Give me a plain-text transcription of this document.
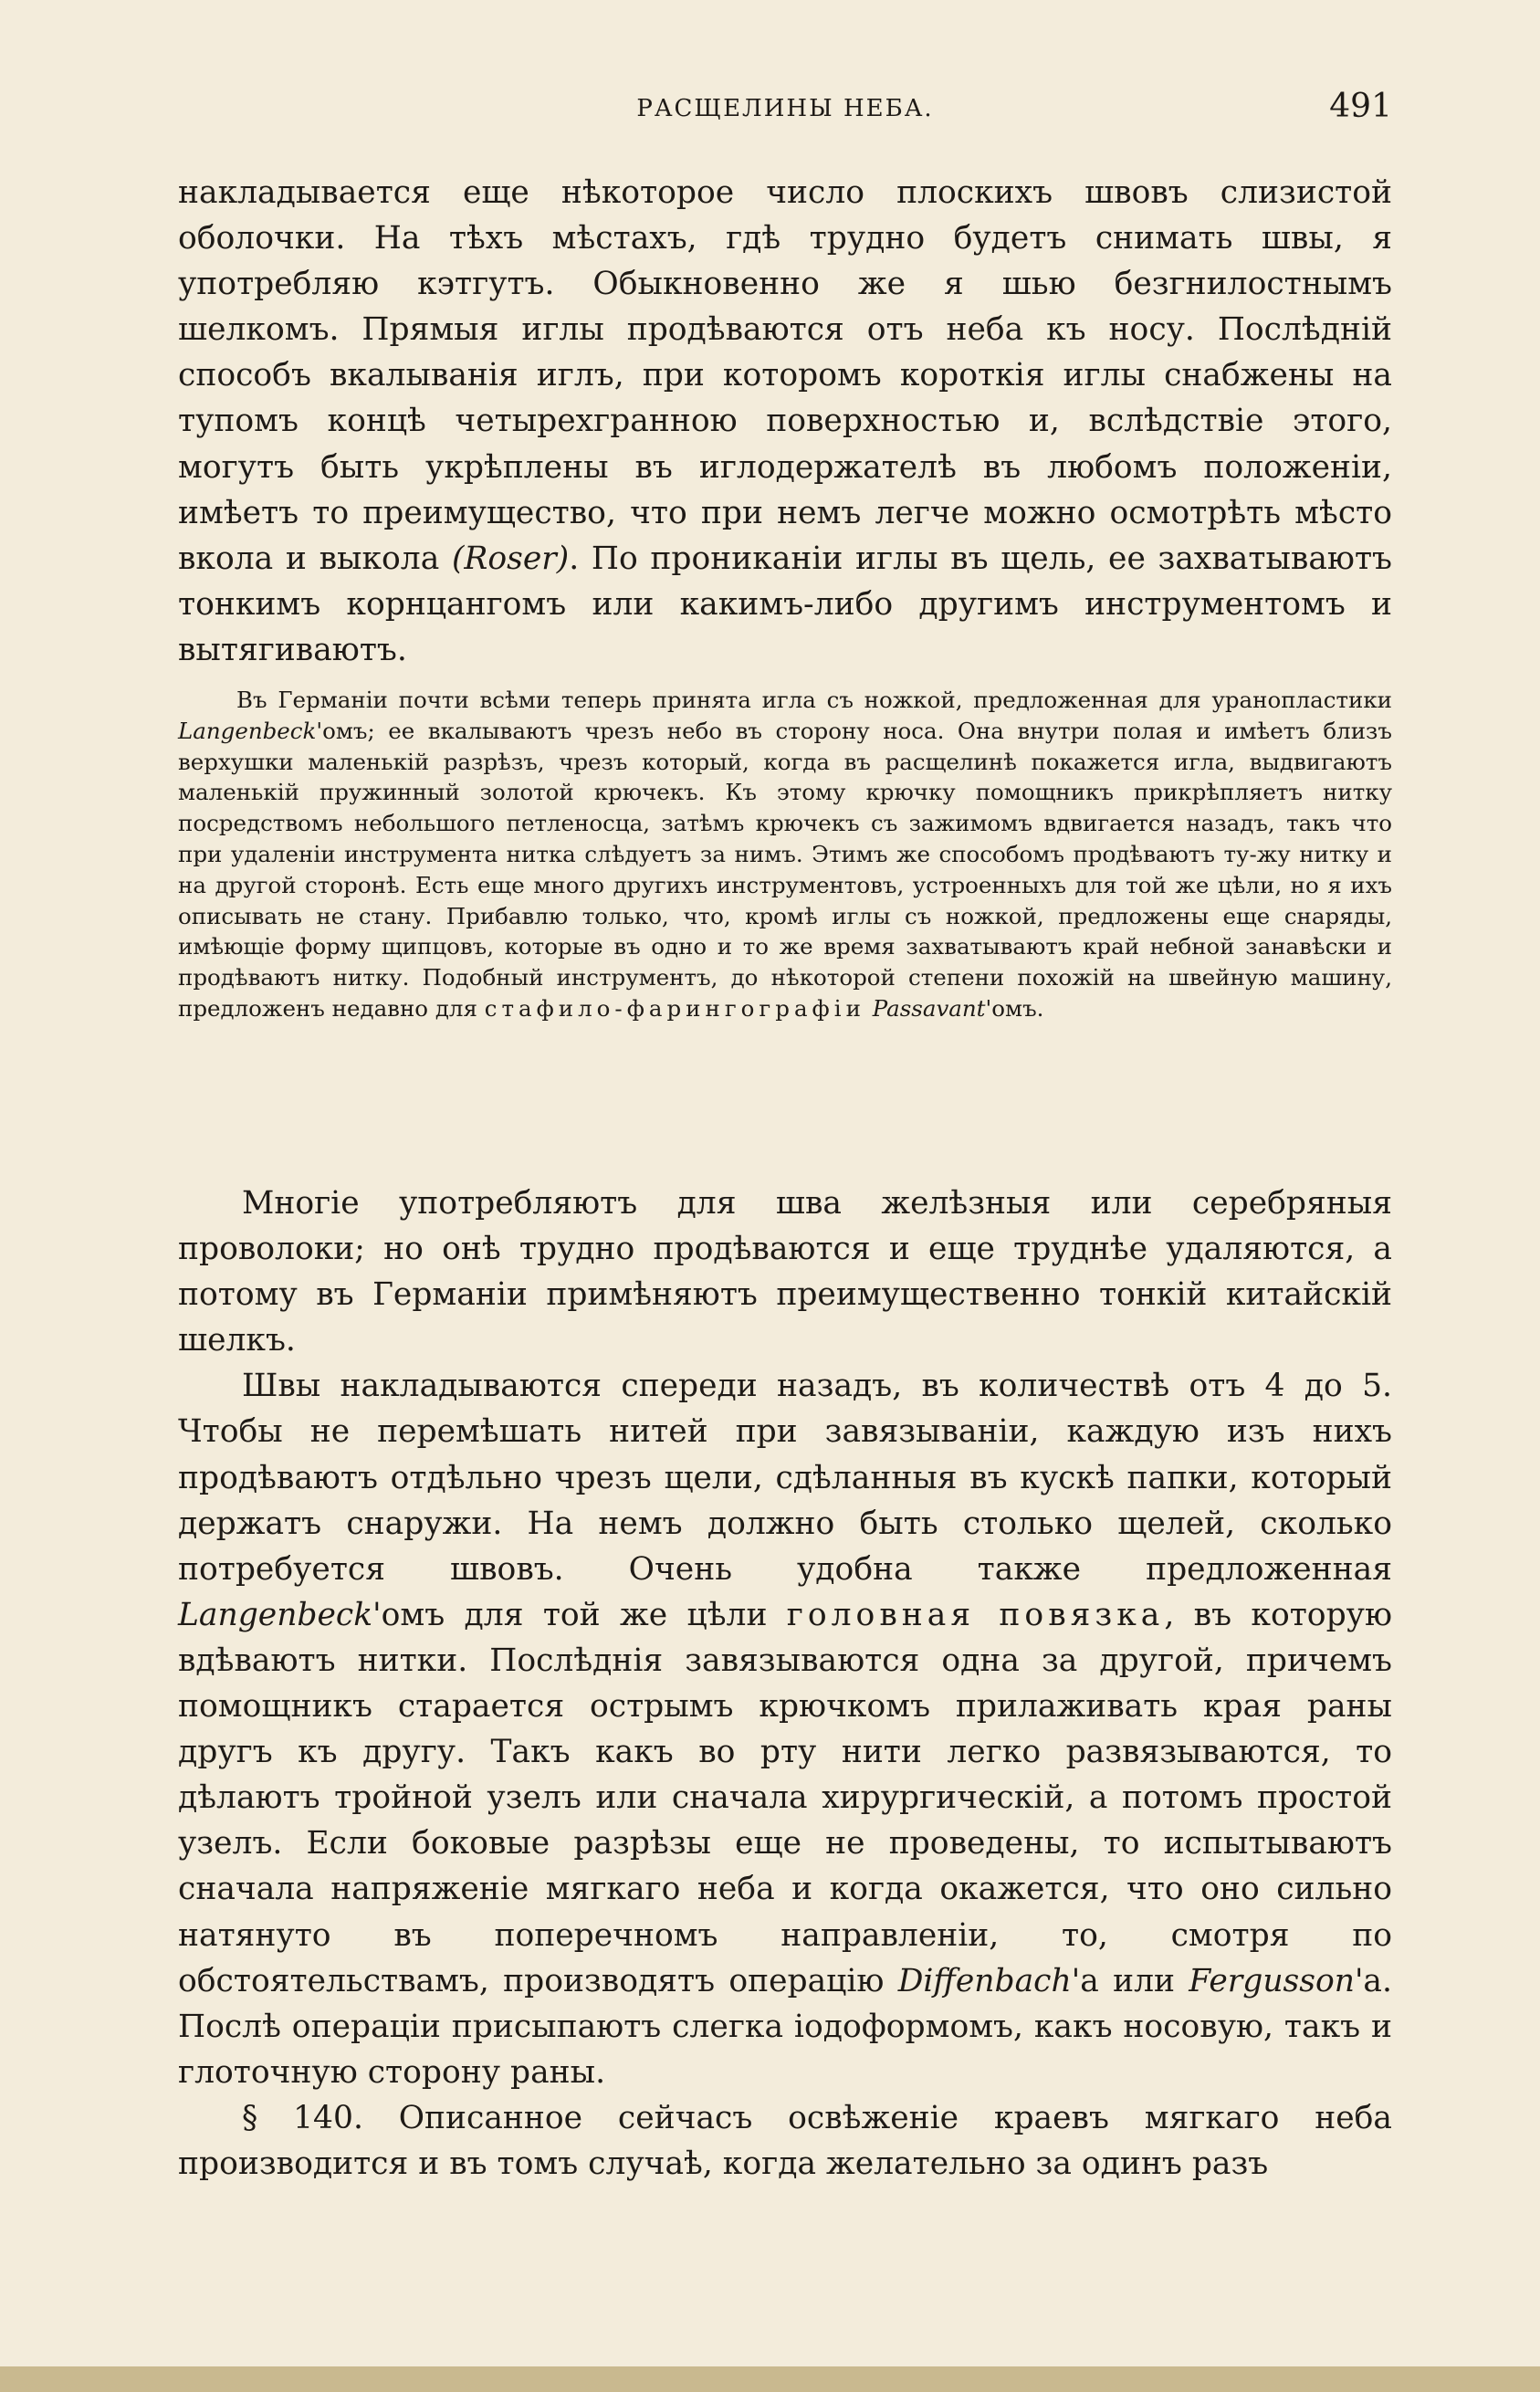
РАСЩЕЛИНЫ НЕБА.	491

накладывается еще нѣкоторое число плоскихъ швовъ слизистой оболочки. На тѣхъ мѣстахъ, гдѣ трудно будетъ снимать швы, я употребляю кэтгутъ. Обыкновенно же я шью безгнилостнымъ шелкомъ. Прямыя иглы продѣваются отъ неба къ носу. Послѣднiй способъ вкалыванiя иглъ, при которомъ короткiя иглы снабжены на тупомъ концѣ четырехгранною поверхностью и, вслѣдствiе этого, могутъ быть укрѣплены въ иглодержателѣ въ любомъ положенiи, имѣетъ то преимущество, что при немъ легче можно осмотрѣть мѣсто вкола и выкола (Roser). По прониканiи иглы въ щель, ее захватываютъ тонкимъ корнцангомъ или какимъ-либо другимъ инструментомъ и вытягиваютъ.

Въ Германiи почти всѣми теперь принята игла съ ножкой, предложенная для уранопластики Langenbeck'омъ; ее вкалываютъ чрезъ небо въ сторону носа. Она внутри полая и имѣетъ близъ верхушки маленькiй разрѣзъ, чрезъ который, когда въ расщелинѣ покажется игла, выдвигаютъ маленькiй пружинный золотой крючекъ. Къ этому крючку помощникъ прикрѣпляетъ нитку посредствомъ небольшого петленосца, затѣмъ крючекъ съ зажимомъ вдвигается назадъ, такъ что при удаленiи инструмента нитка слѣдуетъ за нимъ. Этимъ же способомъ продѣваютъ ту-жу нитку и на другой сторонѣ. Есть еще много другихъ инструментовъ, устроенныхъ для той же цѣли, но я ихъ описывать не стану. Прибавлю только, что, кромѣ иглы съ ножкой, предложены еще снаряды, имѣющiе форму щипцовъ, которые въ одно и то же время захватываютъ край небной занавѣски и продѣваютъ нитку. Подобный инструментъ, до нѣкоторой степени похожiй на швейную машину, предложенъ недавно для стафило-фарингографiи Passavant'омъ.

Многiе употребляютъ для шва желѣзныя или серебряныя проволоки; но онѣ трудно продѣваются и еще труднѣе удаляются, а потому въ Германiи примѣняютъ преимущественно тонкiй китайскiй шелкъ.

Швы накладываются спереди назадъ, въ количествѣ отъ 4 до 5. Чтобы не перемѣшать нитей при завязыванiи, каждую изъ нихъ продѣваютъ отдѣльно чрезъ щели, сдѣланныя въ кускѣ папки, который держатъ снаружи. На немъ должно быть столько щелей, сколько потребуется швовъ. Очень удобна также предложенная Langenbeck'омъ для той же цѣли головная повязка, въ которую вдѣваютъ нитки. Послѣднiя завязываются одна за другой, причемъ помощникъ старается острымъ крючкомъ прилаживать края раны другъ къ другу. Такъ какъ во рту нити легко развязываются, то дѣлаютъ тройной узелъ или сначала хирургическiй, а потомъ простой узелъ. Если боковые разрѣзы еще не проведены, то испытываютъ сначала напряженiе мягкаго неба и когда окажется, что оно сильно натянуто въ поперечномъ направленiи, то, смотря по обстоятельствамъ, производятъ операцiю Diffenbach'а или Fergusson'а. Послѣ операцiи присыпаютъ слегка iодоформомъ, какъ носовую, такъ и глоточную сторону раны.

§ 140. Описанное сейчасъ освѣженiе краевъ мягкаго неба производится и въ томъ случаѣ, когда желательно за одинъ разъ
